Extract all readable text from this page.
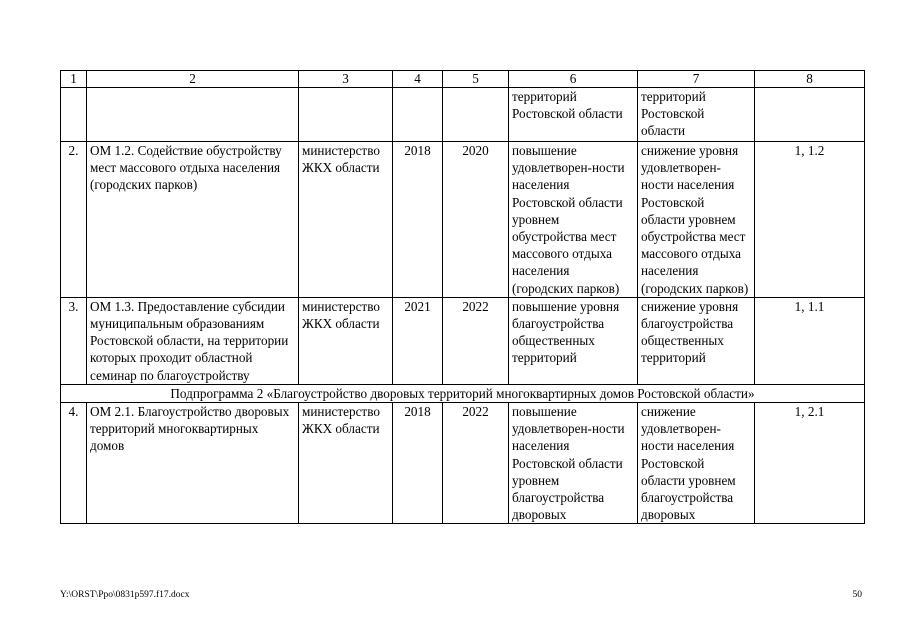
1	2	3	4	5	6	7	8
					территорий Ростовской области	территорий Ростовской области	
2.	ОМ 1.2. Содействие обустройству мест массового отдыха населения (городских парков)	министерство ЖКХ области	2018	2020	повышение удовлетворен-ности населения Ростовской области уровнем обустройства мест массового отдыха населения (городских парков)	снижение уровня удовлетворен-ности населения Ростовской области уровнем обустройства мест массового отдыха населения (городских парков)	1, 1.2
3.	ОМ 1.3. Предоставление субсидии муниципальным образованиям Ростовской области, на территории которых проходит областной семинар по благоустройству	министерство ЖКХ области	2021	2022	повышение уровня благоустройства общественных территорий	снижение уровня благоустройства общественных территорий	1, 1.1
Подпрограмма 2 «Благоустройство дворовых территорий многоквартирных домов Ростовской области»							
4.	ОМ 2.1. Благоустройство дворовых территорий многоквартирных домов	министерство ЖКХ области	2018	2022	повышение удовлетворен-ности населения Ростовской области уровнем благоустройства дворовых	снижение удовлетворен-ности населения Ростовской области уровнем благоустройства дворовых	1, 2.1
Y:\ORST\Ppo\0831p597.f17.docx	50
